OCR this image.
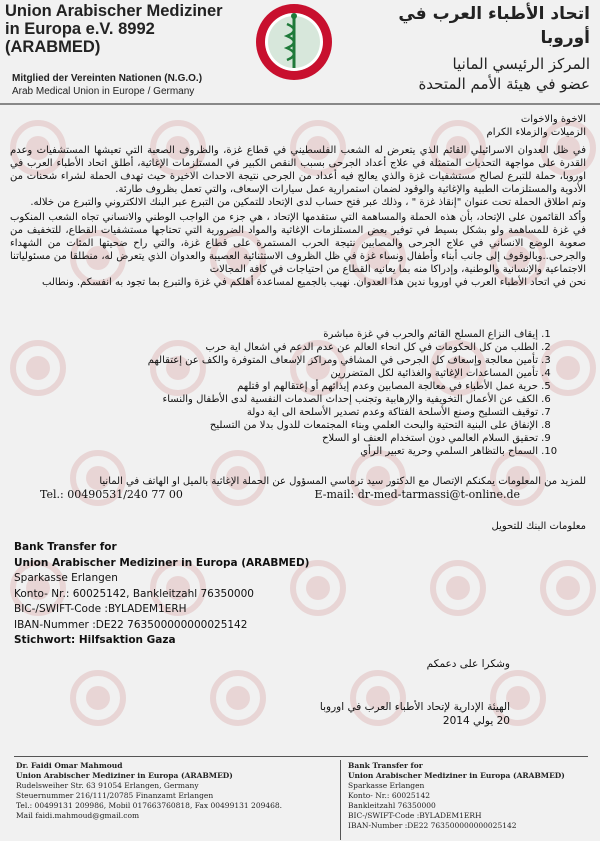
Union Arabischer Mediziner
in Europa e.V. 8992
(ARABMED)
اتحاد الأطباء العرب في أوروبا
المركز الرئيسي المانيا
عضو في هيئة الأمم المتحدة
Mitglied der Vereinten Nationen (N.G.O.)
Arab Medical Union in Europe / Germany

الاخوة والاخوات

الزميلات والزملاء الكرام

في ظل العدوان الاسرائيلي القائم الذي يتعرض له الشعب الفلسطيني في قطاع غزة، والظروف الصعبة التي تعيشها المستشفيات وعدم القدرة على مواجهة التحديات المتمثلة في علاج أعداد الجرحى بسبب النقص الكبير في المستلزمات الإغاثية، أطلق اتحاد الأطباء العرب في اوروبا، حملة للتبرع لصالح مستشفيات غزة والذي يعالج فيه أعداد من الجرحى نتيجة الاحداث الاخيرة حيث تهدف الحملة لشراء شحنات من الأدوية والمستلزمات الطبية والإغاثية والوقود لضمان استمرارية عمل سيارات الإسعاف، والتي تعمل بظروف طارئة.

وتم اطلاق الحملة تحت عنوان "إنقاذ غزة " ، وذلك عبر فتح حساب لدى الإتحاد للتمكين من التبرع عبر البنك الالكتروني والتبرع من خلاله.

وأكد القائمون على الإتحاد، بأن هذه الحملة والمساهمة التي ستقدمها الإتحاد ، هي جزء من الواجب الوطني والانساني تجاه الشعب المنكوب في غزة للمساهمة ولو بشكل بسيط في توفير بعض المستلزمات الإغاثية والمواد الضرورية التي تحتاجها مستشفيات القطاع، للتخفيف من صعوبة الوضع الانساني في علاج الجرحى والمصابين نتيجة الحرب المستمرة على قطاع غزة، والتي راح ضحيتها المئات من الشهداء والجرحى..وبالوقوف إلى جانب أبناء وأطفال ونساء غزة في ظل الظروف الاستثنائية العصيبة والعدوان الذي يتعرض له، منطلقا من مسئولياتنا الاجتماعية والإنسانية والوطنية، وإدراكا منه بما يعانيه القطاع من احتياجات في كافة المجالات

نحن في اتحاد الأطباء العرب في اوروبا ندين هذا العدوان. نهيب بالجميع لمساعدة أهلكم في غزة والتبرع بما تجود به انفسكم. ونطالب

1. إيقاف النزاع المسلح القائم والحرب في غزة مباشرة
2. الطلب من كل الحكومات في كل انحاء العالم عن عدم الدعم في اشعال اية حرب
3. تأمين معالجة وإسعاف كل الجرحى في المشافي ومراكز الإسعاف المتوفرة والكف عن إعتقالهم
4. تأمين المساعدات الإغاثية والغذائية لكل المتضررين
5. حرية عمل الأطباء في معالجة المصابين وعدم إيذائهم أو إعتقالهم او قتلهم
6. الكف عن الأعمال التخويفية والإرهابية وتجنب إحداث الصدمات النفسية لدى الأطفال والنساء
7. توقيف التسليح وصنع الأسلحة الفتاكة وعدم تصدير الأسلحة الى اية دولة
8. الإنفاق على البنية التحتية والبحث العلمي وبناء المجتمعات للدول بدلا من التسليح
9. تحقيق السلام العالمي دون استخدام العنف او السلاح
10. السماح بالتظاهر السلمي وحرية تعبير الرأي
للمزيد من المعلومات يمكنكم الإتصال مع الدكتور سيد ترماسي المسؤول عن الحملة الإغاثية بالميل او الهاتف في المانيا
Tel.: 00490531/240 77 00	E-mail: dr-med-tarmassi@t-online.de
معلومات البنك للتحويل
Bank Transfer for
Union Arabischer Mediziner in Europa (ARABMED)
Sparkasse Erlangen
Konto- Nr.: 60025142, Bankleitzahl 76350000
BIC-/SWIFT-Code :BYLADEM1ERH
IBAN-Nummer :DE22 763500000000025142
Stichwort: Hilfsaktion Gaza
وشكرا على دعمكم

الهيئة الإدارية لإتحاد الأطباء العرب في اوروبا

20 يولي 2014

Dr. Faidi Omar Mahmoud
Union Arabischer Mediziner in Europa (ARABMED)
Rudelsweiher Str. 63 91054 Erlangen, Germany
Steuernummer 216/111/20785 Finanzamt Erlangen
Tel.: 00499131 209986, Mobil 017663760818, Fax 00499131 209468.
Mail faidi.mahmoud@gmail.com
Bank Transfer for
Union Arabischer Mediziner in Europa (ARABMED)
Sparkasse Erlangen
Konto- Nr.: 60025142
Bankleitzahl 76350000
BIC-/SWIFT-Code :BYLADEM1ERH
IBAN-Number :DE22 763500000000025142
